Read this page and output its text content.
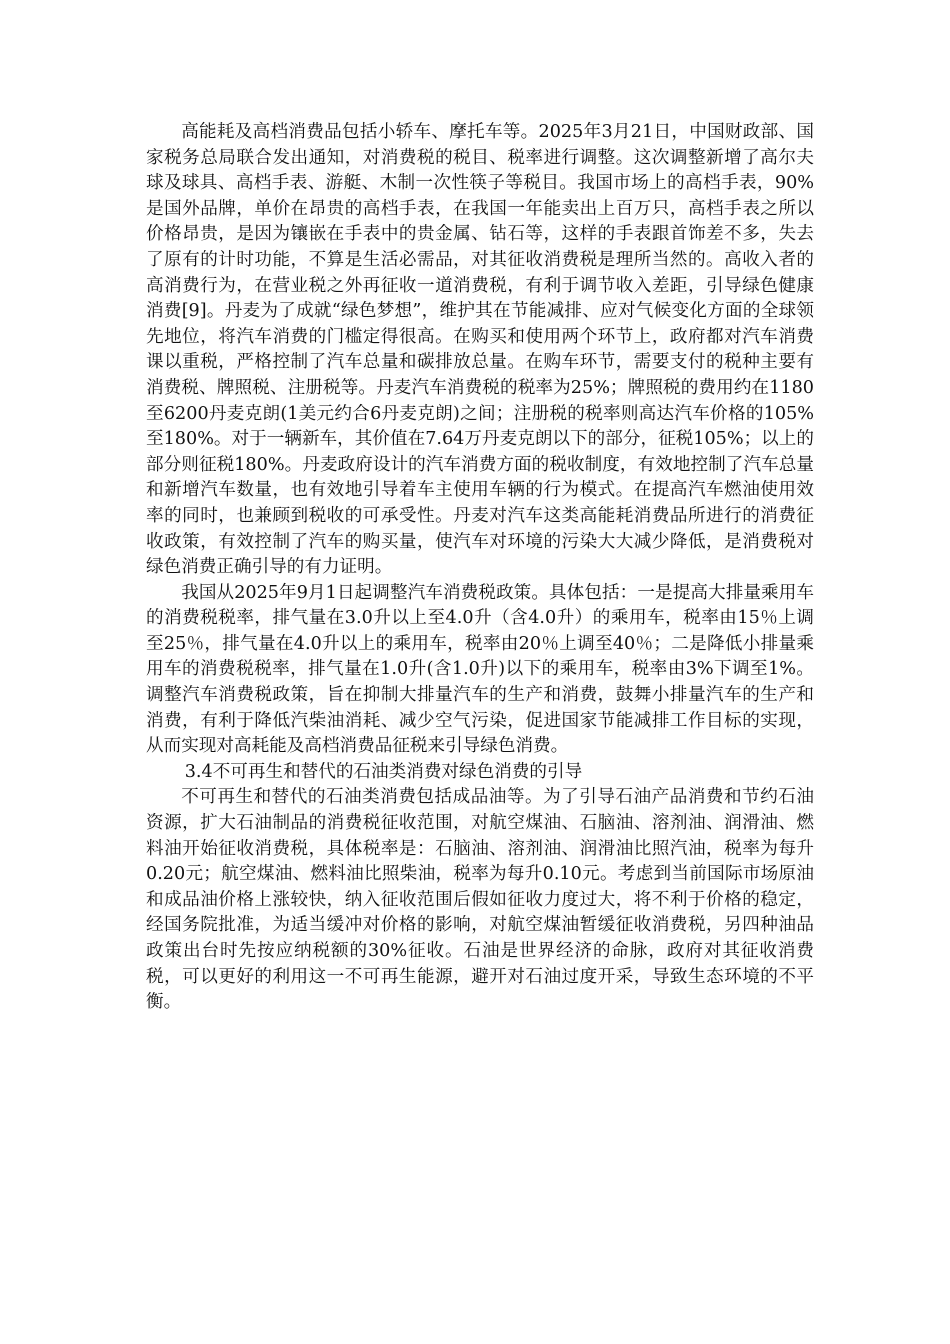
高能耗及高档消费品包括小轿车、摩托车等。2025年3月21日，中国财政部、国家税务总局联合发出通知，对消费税的税目、税率进行调整。这次调整新增了高尔夫球及球具、高档手表、游艇、木制一次性筷子等税目。我国市场上的高档手表，90%是国外品牌，单价在昂贵的高档手表，在我国一年能卖出上百万只，高档手表之所以价格昂贵，是因为镶嵌在手表中的贵金属、钻石等，这样的手表跟首饰差不多，失去了原有的计时功能，不算是生活必需品，对其征收消费税是理所当然的。高收入者的高消费行为，在营业税之外再征收一道消费税，有利于调节收入差距，引导绿色健康消费[9]。丹麦为了成就“绿色梦想”，维护其在节能减排、应对气候变化方面的全球领先地位，将汽车消费的门槛定得很高。在购买和使用两个环节上，政府都对汽车消费课以重税，严格控制了汽车总量和碳排放总量。在购车环节，需要支付的税种主要有消费税、牌照税、注册税等。丹麦汽车消费税的税率为25%；牌照税的费用约在1180至6200丹麦克朗(1美元约合6丹麦克朗)之间；注册税的税率则高达汽车价格的105%至180%。对于一辆新车，其价值在7.64万丹麦克朗以下的部分，征税105%；以上的部分则征税180%。丹麦政府设计的汽车消费方面的税收制度，有效地控制了汽车总量和新增汽车数量，也有效地引导着车主使用车辆的行为模式。在提高汽车燃油使用效率的同时，也兼顾到税收的可承受性。丹麦对汽车这类高能耗消费品所进行的消费征收政策，有效控制了汽车的购买量，使汽车对环境的污染大大减少降低，是消费税对绿色消费正确引导的有力证明。

我国从2025年9月1日起调整汽车消费税政策。具体包括：一是提高大排量乘用车的消费税税率，排气量在3.0升以上至4.0升（含4.0升）的乘用车，税率由15％上调至25％，排气量在4.0升以上的乘用车，税率由20％上调至40％；二是降低小排量乘用车的消费税税率，排气量在1.0升(含1.0升)以下的乘用车，税率由3%下调至1%。调整汽车消费税政策，旨在抑制大排量汽车的生产和消费，鼓舞小排量汽车的生产和消费，有利于降低汽柴油消耗、减少空气污染，促进国家节能减排工作目标的实现，从而实现对高耗能及高档消费品征税来引导绿色消费。

3.4不可再生和替代的石油类消费对绿色消费的引导

不可再生和替代的石油类消费包括成品油等。为了引导石油产品消费和节约石油资源，扩大石油制品的消费税征收范围，对航空煤油、石脑油、溶剂油、润滑油、燃料油开始征收消费税，具体税率是：石脑油、溶剂油、润滑油比照汽油，税率为每升0.20元；航空煤油、燃料油比照柴油，税率为每升0.10元。考虑到当前国际市场原油和成品油价格上涨较快，纳入征收范围后假如征收力度过大，将不利于价格的稳定，经国务院批准，为适当缓冲对价格的影响，对航空煤油暂缓征收消费税，另四种油品政策出台时先按应纳税额的30%征收。石油是世界经济的命脉，政府对其征收消费税，可以更好的利用这一不可再生能源，避开对石油过度开采，导致生态环境的不平衡。
